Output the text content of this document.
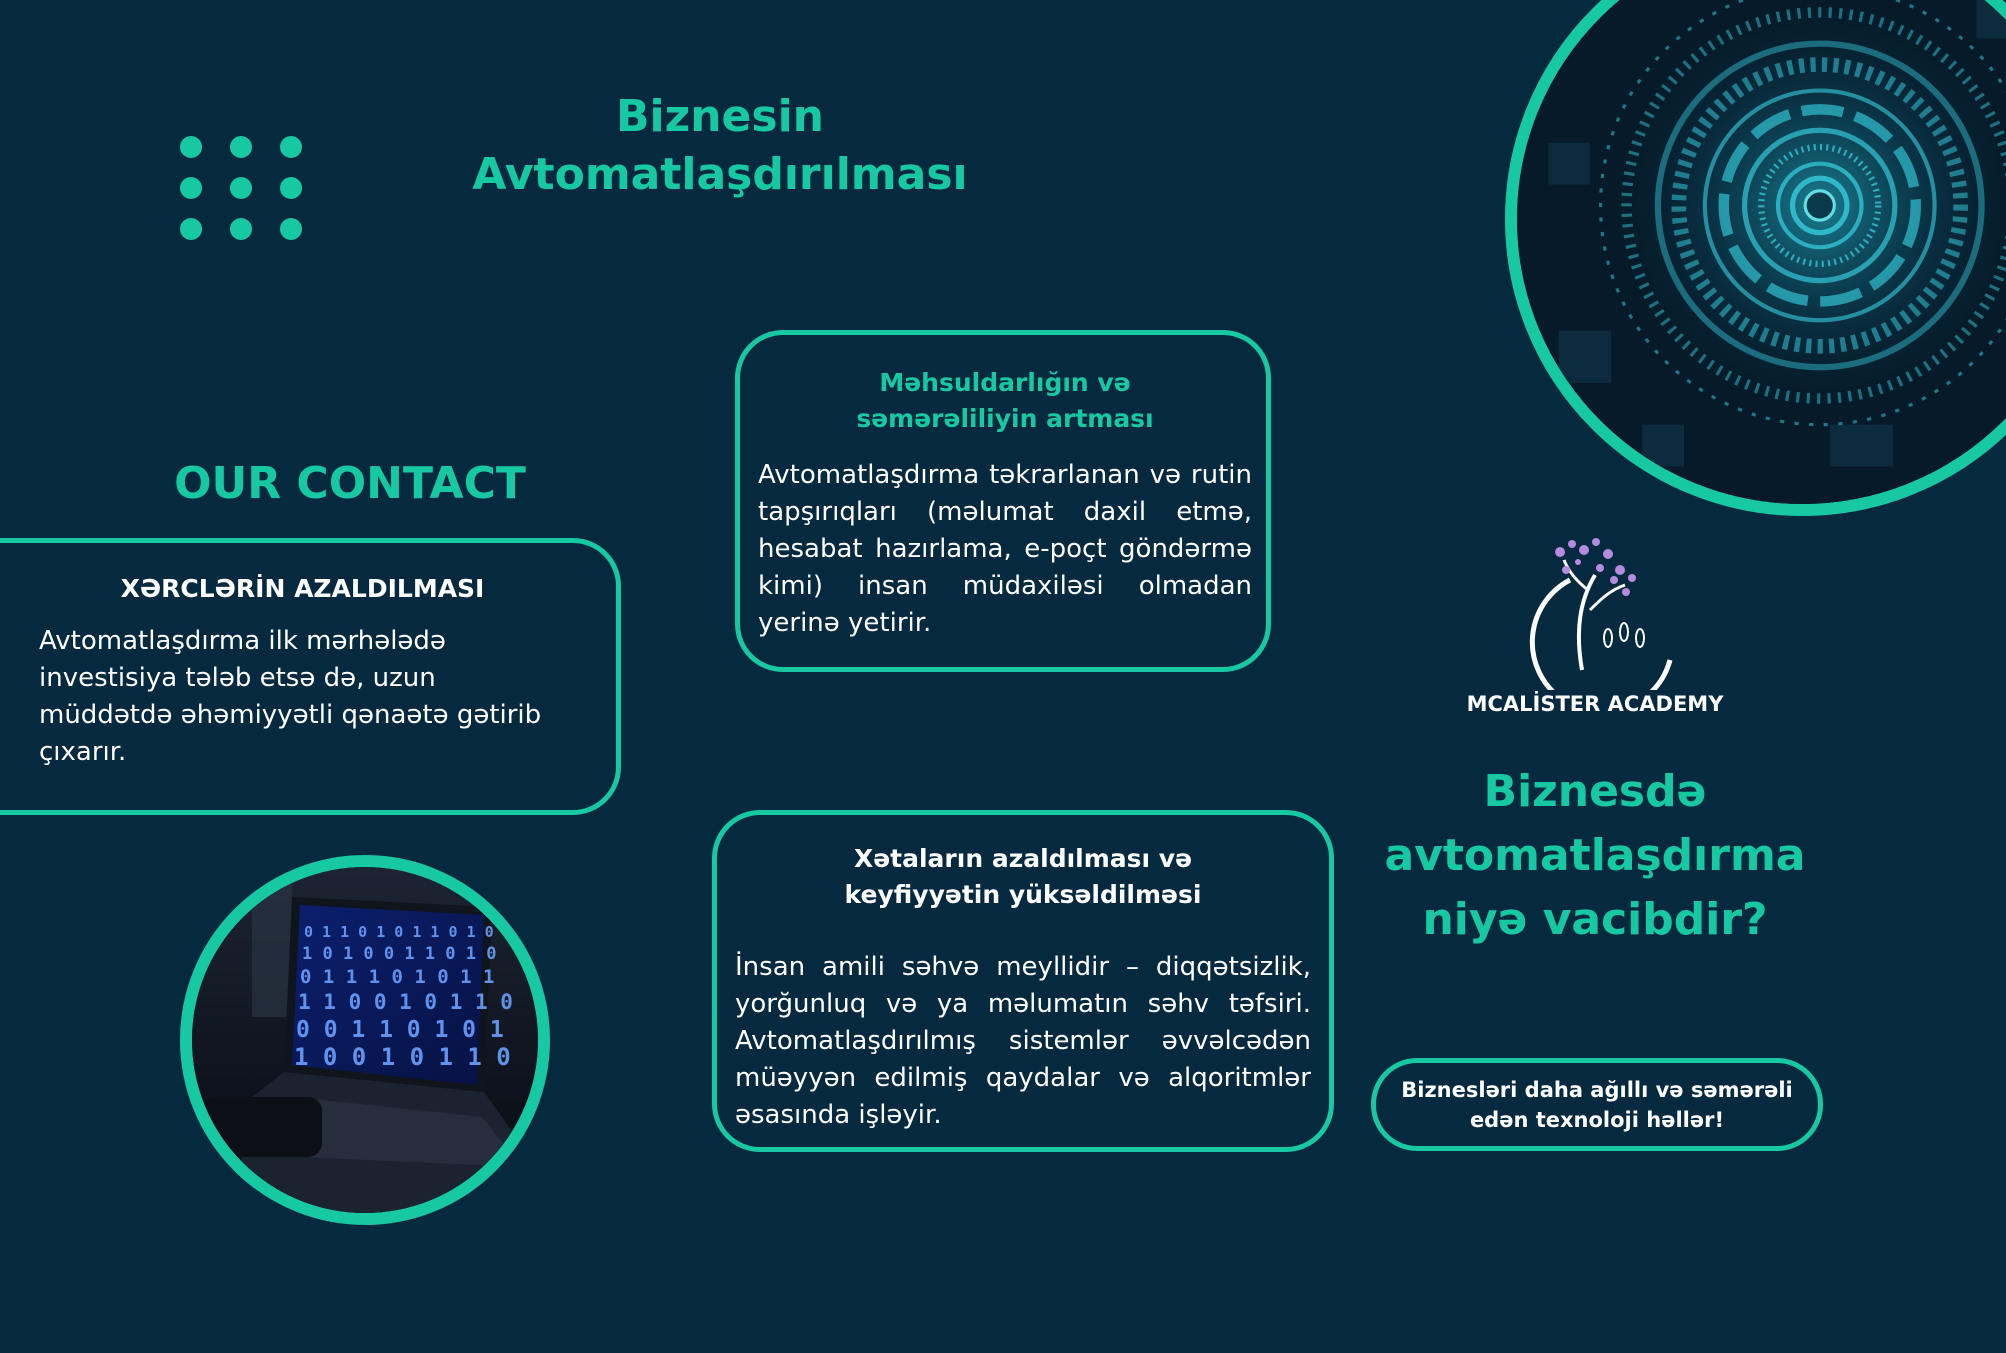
Biznesin
Avtomatlaşdırılması
OUR CONTACT
XƏRCLƏRİN AZALDILMASI

Avtomatlaşdırma ilk mərhələdə investisiya tələb etsə də, uzun müddətdə əhəmiyyətli qənaətə gətirib çıxarır.

Məhsuldarlığın və
səmərəliliyin artması

Avtomatlaşdırma təkrarlanan və rutin tapşırıqları (məlumat daxil etmə, hesabat hazırlama, e-poçt göndərmə kimi) insan müdaxiləsi olmadan yerinə yetirir.

Xətaların azaldılması və
keyfiyyətin yüksəldilməsi

İnsan amili səhvə meyllidir – diqqətsizlik, yorğunluq və ya məlumatın səhv təfsiri. Avtomatlaşdırılmış sistemlər əvvəlcədən müəyyən edilmiş qaydalar və alqoritmlər əsasında işləyir.

0 1 1 0 1 0 1 1 0 1 0
1 0 1 0 0 1 1 0 1 0
0 1 1 1 0 1 0 1 1
1 1 0 0 1 0 1 1 0
0 0 1 1 0 1 0 1
1 0 0 1 0 1 1 0
MCALİSTER ACADEMY
Biznesdə
avtomatlaşdırma
niyə vacibdir?
Biznesləri daha ağıllı və səmərəli
edən texnoloji həllər!
